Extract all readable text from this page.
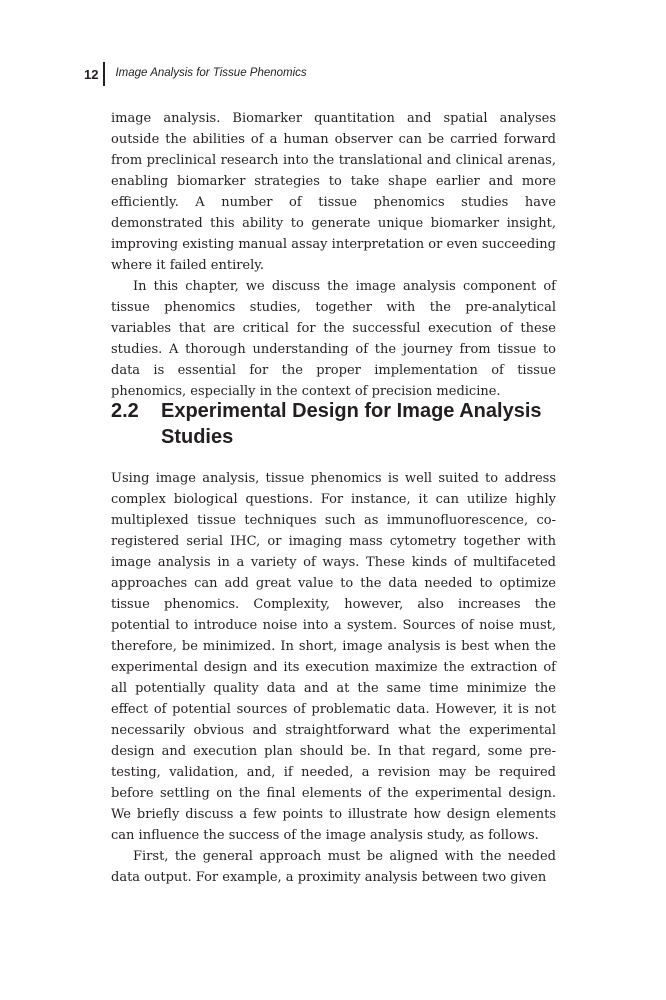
12 Image Analysis for Tissue Phenomics

image analysis. Biomarker quantitation and spatial analyses outside the abilities of a human observer can be carried forward from preclinical research into the translational and clinical arenas, enabling biomarker strategies to take shape earlier and more efficiently. A number of tissue phenomics studies have demonstrated this ability to generate unique biomarker insight, improving existing manual assay interpretation or even succeeding where it failed entirely.

In this chapter, we discuss the image analysis component of tissue phenomics studies, together with the pre-analytical variables that are critical for the successful execution of these studies. A thorough understanding of the journey from tissue to data is essential for the proper implementation of tissue phenomics, especially in the context of precision medicine.

2.2	Experimental Design for Image Analysis Studies

Using image analysis, tissue phenomics is well suited to address complex biological questions. For instance, it can utilize highly multiplexed tissue techniques such as immunofluorescence, co-registered serial IHC, or imaging mass cytometry together with image analysis in a variety of ways. These kinds of multifaceted approaches can add great value to the data needed to optimize tissue phenomics. Complexity, however, also increases the potential to introduce noise into a system. Sources of noise must, therefore, be minimized. In short, image analysis is best when the experimental design and its execution maximize the extraction of all potentially quality data and at the same time minimize the effect of potential sources of problematic data. However, it is not necessarily obvious and straightforward what the experimental design and execution plan should be. In that regard, some pre-testing, validation, and, if needed, a revision may be required before settling on the final elements of the experimental design. We briefly discuss a few points to illustrate how design elements can influence the success of the image analysis study, as follows.

First, the general approach must be aligned with the needed data output. For example, a proximity analysis between two given
